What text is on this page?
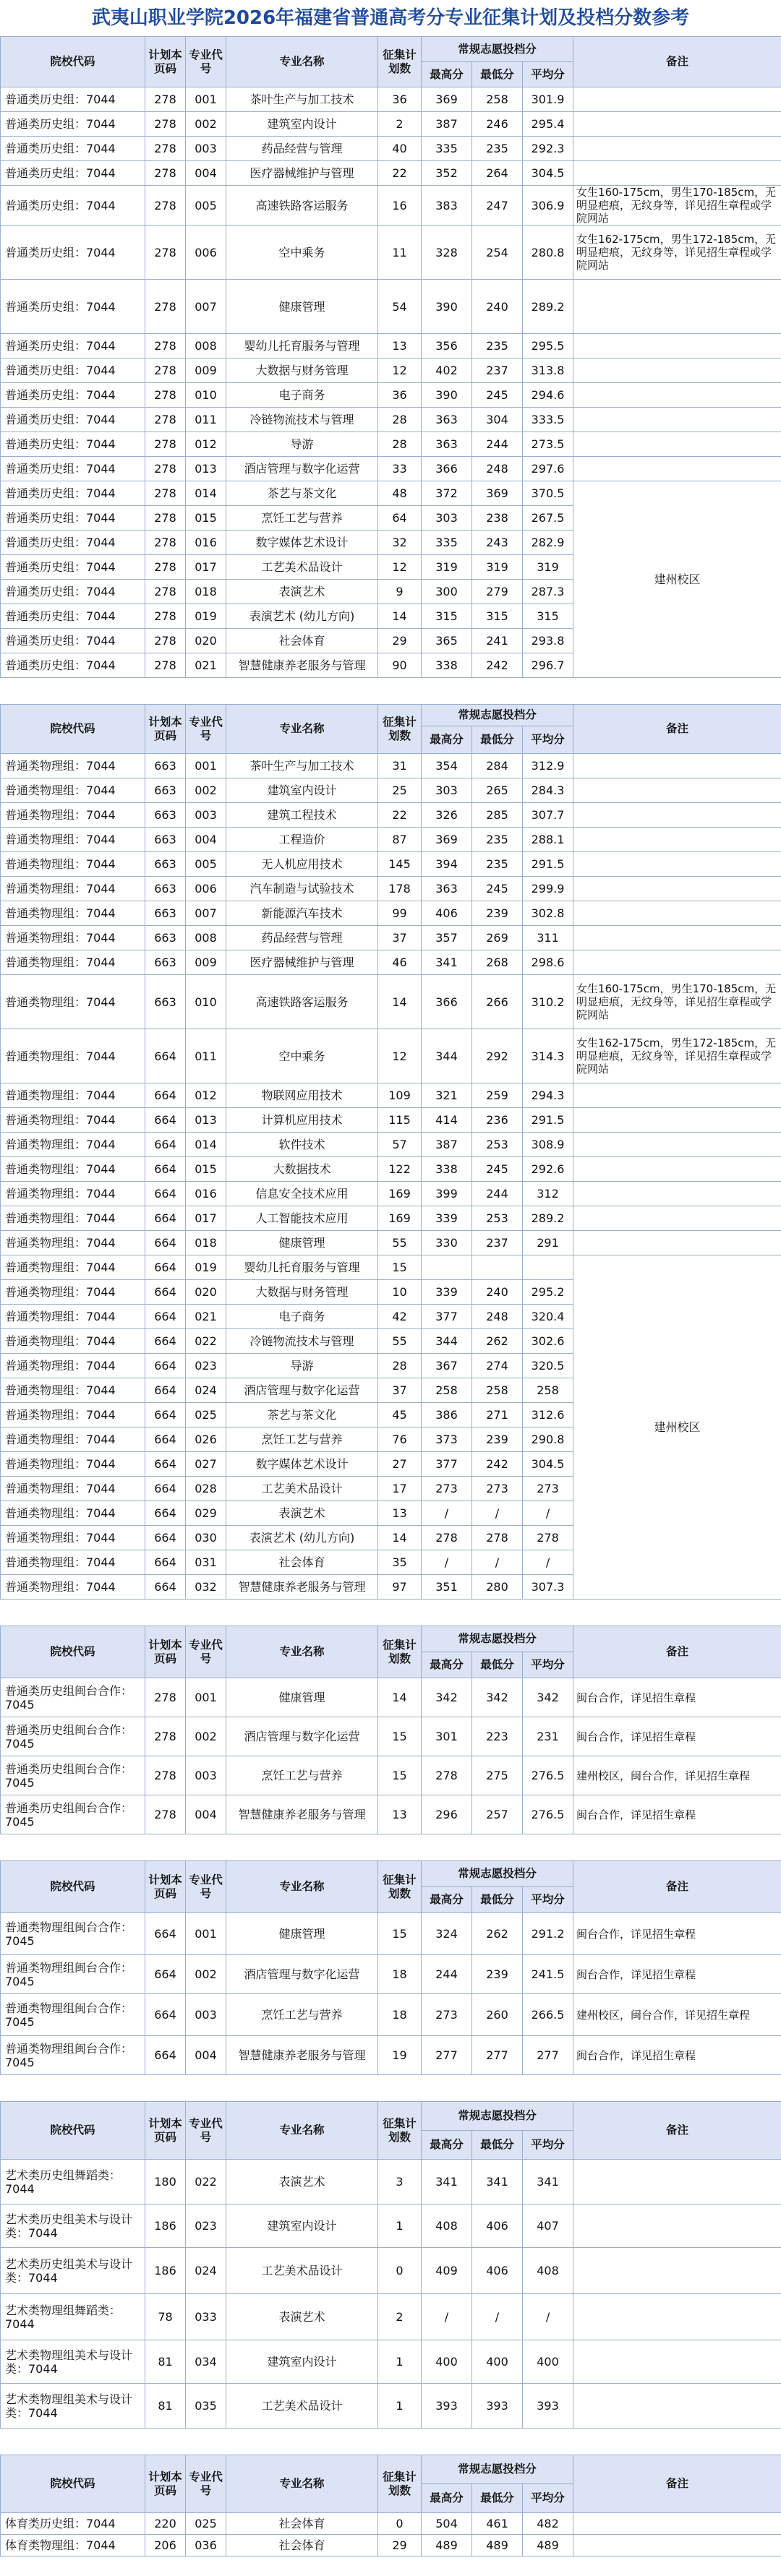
武夷山职业学院2026年福建省普通高考分专业征集计划及投档分数参考
院校代码	计划本页码	专业代号	专业名称	征集计划数	常规志愿投档分			备注
					最高分	最低分	平均分	
普通类历史组：7044	278	001	茶叶生产与加工技术	36	369	258	301.9	
普通类历史组：7044	278	002	建筑室内设计	2	387	246	295.4	
普通类历史组：7044	278	003	药品经营与管理	40	335	235	292.3	
普通类历史组：7044	278	004	医疗器械维护与管理	22	352	264	304.5	
普通类历史组：7044	278	005	高速铁路客运服务	16	383	247	306.9	女生160-175cm，男生170-185cm，无明显疤痕，无纹身等，详见招生章程或学院网站
普通类历史组：7044	278	006	空中乘务	11	328	254	280.8	女生162-175cm，男生172-185cm，无明显疤痕，无纹身等，详见招生章程或学院网站
普通类历史组：7044	278	007	健康管理	54	390	240	289.2	
普通类历史组：7044	278	008	婴幼儿托育服务与管理	13	356	235	295.5	
普通类历史组：7044	278	009	大数据与财务管理	12	402	237	313.8	
普通类历史组：7044	278	010	电子商务	36	390	245	294.6	
普通类历史组：7044	278	011	冷链物流技术与管理	28	363	304	333.5	
普通类历史组：7044	278	012	导游	28	363	244	273.5	
普通类历史组：7044	278	013	酒店管理与数字化运营	33	366	248	297.6	
普通类历史组：7044	278	014	茶艺与茶文化	48	372	369	370.5	建州校区
普通类历史组：7044	278	015	烹饪工艺与营养	64	303	238	267.5	
普通类历史组：7044	278	016	数字媒体艺术设计	32	335	243	282.9	
普通类历史组：7044	278	017	工艺美术品设计	12	319	319	319	
普通类历史组：7044	278	018	表演艺术	9	300	279	287.3	
普通类历史组：7044	278	019	表演艺术 (幼儿方向)	14	315	315	315	
普通类历史组：7044	278	020	社会体育	29	365	241	293.8	
普通类历史组：7044	278	021	智慧健康养老服务与管理	90	338	242	296.7	
院校代码	计划本页码	专业代号	专业名称	征集计划数	常规志愿投档分			备注
					最高分	最低分	平均分	
普通类物理组：7044	663	001	茶叶生产与加工技术	31	354	284	312.9	
普通类物理组：7044	663	002	建筑室内设计	25	303	265	284.3	
普通类物理组：7044	663	003	建筑工程技术	22	326	285	307.7	
普通类物理组：7044	663	004	工程造价	87	369	235	288.1	
普通类物理组：7044	663	005	无人机应用技术	145	394	235	291.5	
普通类物理组：7044	663	006	汽车制造与试验技术	178	363	245	299.9	
普通类物理组：7044	663	007	新能源汽车技术	99	406	239	302.8	
普通类物理组：7044	663	008	药品经营与管理	37	357	269	311	
普通类物理组：7044	663	009	医疗器械维护与管理	46	341	268	298.6	
普通类物理组：7044	663	010	高速铁路客运服务	14	366	266	310.2	女生160-175cm，男生170-185cm，无明显疤痕，无纹身等，详见招生章程或学院网站
普通类物理组：7044	664	011	空中乘务	12	344	292	314.3	女生162-175cm，男生172-185cm，无明显疤痕，无纹身等，详见招生章程或学院网站
普通类物理组：7044	664	012	物联网应用技术	109	321	259	294.3	
普通类物理组：7044	664	013	计算机应用技术	115	414	236	291.5	
普通类物理组：7044	664	014	软件技术	57	387	253	308.9	
普通类物理组：7044	664	015	大数据技术	122	338	245	292.6	
普通类物理组：7044	664	016	信息安全技术应用	169	399	244	312	
普通类物理组：7044	664	017	人工智能技术应用	169	339	253	289.2	
普通类物理组：7044	664	018	健康管理	55	330	237	291	
普通类物理组：7044	664	019	婴幼儿托育服务与管理	15				建州校区
普通类物理组：7044	664	020	大数据与财务管理	10	339	240	295.2	
普通类物理组：7044	664	021	电子商务	42	377	248	320.4	
普通类物理组：7044	664	022	冷链物流技术与管理	55	344	262	302.6	
普通类物理组：7044	664	023	导游	28	367	274	320.5	
普通类物理组：7044	664	024	酒店管理与数字化运营	37	258	258	258	
普通类物理组：7044	664	025	茶艺与茶文化	45	386	271	312.6	
普通类物理组：7044	664	026	烹饪工艺与营养	76	373	239	290.8	
普通类物理组：7044	664	027	数字媒体艺术设计	27	377	242	304.5	
普通类物理组：7044	664	028	工艺美术品设计	17	273	273	273	
普通类物理组：7044	664	029	表演艺术	13	/	/	/	
普通类物理组：7044	664	030	表演艺术 (幼儿方向)	14	278	278	278	
普通类物理组：7044	664	031	社会体育	35	/	/	/	
普通类物理组：7044	664	032	智慧健康养老服务与管理	97	351	280	307.3	
院校代码	计划本页码	专业代号	专业名称	征集计划数	常规志愿投档分			备注
					最高分	最低分	平均分	
普通类历史组闽台合作：7045	278	001	健康管理	14	342	342	342	闽台合作，详见招生章程
普通类历史组闽台合作：7045	278	002	酒店管理与数字化运营	15	301	223	231	闽台合作，详见招生章程
普通类历史组闽台合作：7045	278	003	烹饪工艺与营养	15	278	275	276.5	建州校区，闽台合作，详见招生章程
普通类历史组闽台合作：7045	278	004	智慧健康养老服务与管理	13	296	257	276.5	闽台合作，详见招生章程
院校代码	计划本页码	专业代号	专业名称	征集计划数	常规志愿投档分			备注
					最高分	最低分	平均分	
普通类物理组闽台合作：7045	664	001	健康管理	15	324	262	291.2	闽台合作，详见招生章程
普通类物理组闽台合作：7045	664	002	酒店管理与数字化运营	18	244	239	241.5	闽台合作，详见招生章程
普通类物理组闽台合作：7045	664	003	烹饪工艺与营养	18	273	260	266.5	建州校区，闽台合作，详见招生章程
普通类物理组闽台合作：7045	664	004	智慧健康养老服务与管理	19	277	277	277	闽台合作，详见招生章程
院校代码	计划本页码	专业代号	专业名称	征集计划数	常规志愿投档分			备注
					最高分	最低分	平均分	
艺术类历史组舞蹈类：7044	180	022	表演艺术	3	341	341	341	
艺术类历史组美术与设计类：7044	186	023	建筑室内设计	1	408	406	407	
艺术类历史组美术与设计类：7044	186	024	工艺美术品设计	0	409	406	408	
艺术类物理组舞蹈类：7044	78	033	表演艺术	2	/	/	/	
艺术类物理组美术与设计类：7044	81	034	建筑室内设计	1	400	400	400	
艺术类物理组美术与设计类：7044	81	035	工艺美术品设计	1	393	393	393	
院校代码	计划本页码	专业代号	专业名称	征集计划数	常规志愿投档分			备注
					最高分	最低分	平均分	
体育类历史组：7044	220	025	社会体育	0	504	461	482	
体育类物理组：7044	206	036	社会体育	29	489	489	489	
